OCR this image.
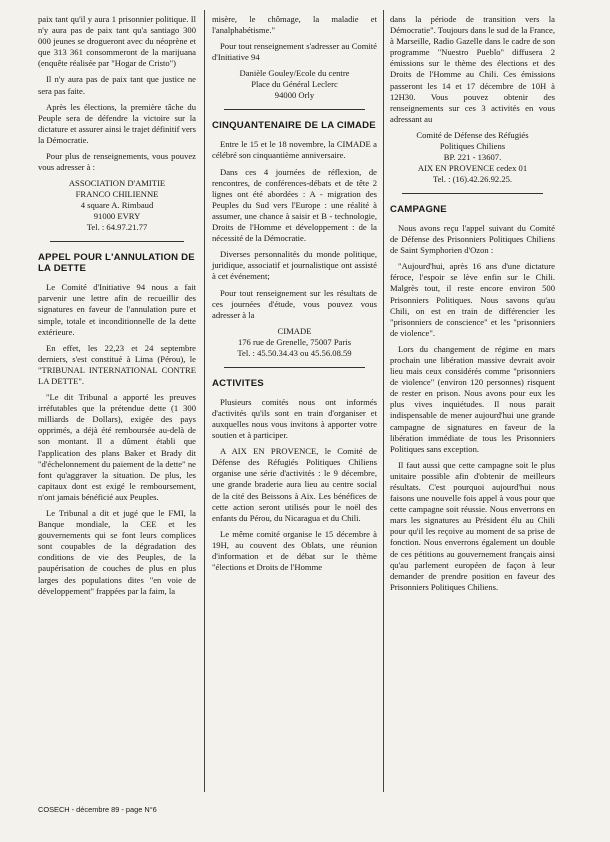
paix tant qu'il y aura 1 prisonnier politique. Il n'y aura pas de paix tant qu'a santiago 300 000 jeunes se drogueront avec du néoprène et que 313 361 consommeront de la marijuana (enquête réalisée par "Hogar de Cristo")

Il n'y aura pas de paix tant que justice ne sera pas faite.

Après les élections, la première tâche du Peuple sera de défendre la victoire sur la dictature et assurer ainsi le trajet définitif vers la Démocratie.

Pour plus de renseignements, vous pouvez vous adresser à :

ASSOCIATION D'AMITIE
FRANCO CHILIENNE
4 square A. Rimbaud
91000 EVRY
Tel. : 64.97.21.77
APPEL POUR L'ANNULATION DE LA DETTE

Le Comité d'Initiative 94 nous a fait parvenir une lettre afin de recueillir des signatures en faveur de l'annulation pure et simple, totale et inconditionnelle de la dette extérieure.

En effet, les 22,23 et 24 septembre derniers, s'est constitué à Lima (Pérou), le "TRIBUNAL INTERNATIONAL CONTRE LA DETTE".

"Le dit Tribunal a apporté les preuves irréfutables que la prétendue dette (1 300 milliards de Dollars), exigée des pays opprimés, a déjà été remboursée au-delà de son montant. Il a dûment établi que l'application des plans Baker et Brady dit "d'échelonnement du paiement de la dette" ne font qu'aggraver la situation. De plus, les capitaux dont est exigé le remboursement, n'ont jamais bénéficié aux Peuples.

Le Tribunal a dit et jugé que le FMI, la Banque mondiale, la CEE et les gouvernements qui se font leurs complices sont coupables de la dégradation des conditions de vie des Peuples, de la paupérisation de couches de plus en plus larges des populations dites "en voie de développement" frappées par la faim, la

misère, le chômage, la maladie et l'analphabétisme."

Pour tout renseignement s'adresser au Comité d'Initiative 94

Danièle Gouley/Ecole du centre
Place du Général Leclerc
94000 Orly
CINQUANTENAIRE DE LA CIMADE

Entre le 15 et le 18 novembre, la CIMADE a célébré son cinquantième anniversaire.

Dans ces 4 journées de réflexion, de rencontres, de conférences-débats et de tête 2 lignes ont été abordées : A - migration des Peuples du Sud vers l'Europe : une réalité à assumer, une chance à saisir et B - technologie, Droits de l'Homme et développement : de la nécessité de la Démocratie.

Diverses personnalités du monde politique, juridique, associatif et journalistique ont assisté à cet événement;

Pour tout renseignement sur les résultats de ces journées d'étude, vous pouvez vous adresser à la

CIMADE
176 rue de Grenelle, 75007 Paris
Tel. : 45.50.34.43 ou 45.56.08.59
ACTIVITES

Plusieurs comités nous ont informés d'activités qu'ils sont en train d'organiser et auxquelles nous vous invitons à apporter votre soutien et à participer.

A AIX EN PROVENCE, le Comité de Défense des Réfugiés Politiques Chiliens organise une série d'activités : le 9 décembre, une grande braderie aura lieu au centre social de la cité des Beissons à Aix. Les bénéfices de cette action seront utilisés pour le noël des enfants du Pérou, du Nicaragua et du Chili.

Le même comité organise le 15 décembre à 19H, au couvent des Oblats, une réunion d'information et de débat sur le thème "élections et Droits de l'Homme

dans la période de transition vers la Démocratie". Toujours dans le sud de la France, à Marseille, Radio Gazelle dans le cadre de son programme "Nuestro Pueblo" diffusera 2 émissions sur le thème des élections et des Droits de l'Homme au Chili. Ces émissions passeront les 14 et 17 décembre de 10H à 12H30. Vous pouvez obtenir des renseignements sur ces 3 activités en vous adressant au

Comité de Défense des Réfugiés
Politiques Chiliens
BP. 221 - 13607.
AIX EN PROVENCE cedex 01
Tel. : (16).42.26.92.25.
CAMPAGNE

Nous avons reçu l'appel suivant du Comité de Défense des Prisonniers Politiques Chiliens de Saint Symphorien d'Ozon :

"Aujourd'hui, après 16 ans d'une dictature féroce, l'espoir se lève enfin sur le Chili. Malgrès tout, il reste encore environ 500 Prisonniers Politiques. Nous savons qu'au Chili, on est en train de différencier les "prisonniers de conscience" et les "prisonniers de violence".

Lors du changement de régime en mars prochain une libération massive devrait avoir lieu mais ceux considérés comme "prisonniers de violence" (environ 120 personnes) risquent de rester en prison. Nous avons pour eux les plus vives inquiétudes. Il nous parait indispensable de mener aujourd'hui une grande campagne de signatures en faveur de la libération immédiate de tous les Prisonniers Politiques sans exception.

Il faut aussi que cette campagne soit le plus unitaire possible afin d'obtenir de meilleurs résultats. C'est pourquoi aujourd'hui nous faisons une nouvelle fois appel à vous pour que cette campagne soit réussie. Nous enverrons en mars les signatures au Président élu au Chili pour qu'il les reçoive au moment de sa prise de fonction. Nous enverrons également un double de ces pétitions au gouvernement français ainsi qu'au parlement européen de façon à leur demander de prendre position en faveur des Prisonniers Politiques Chiliens.

COSECH - décembre 89 - page N°6
